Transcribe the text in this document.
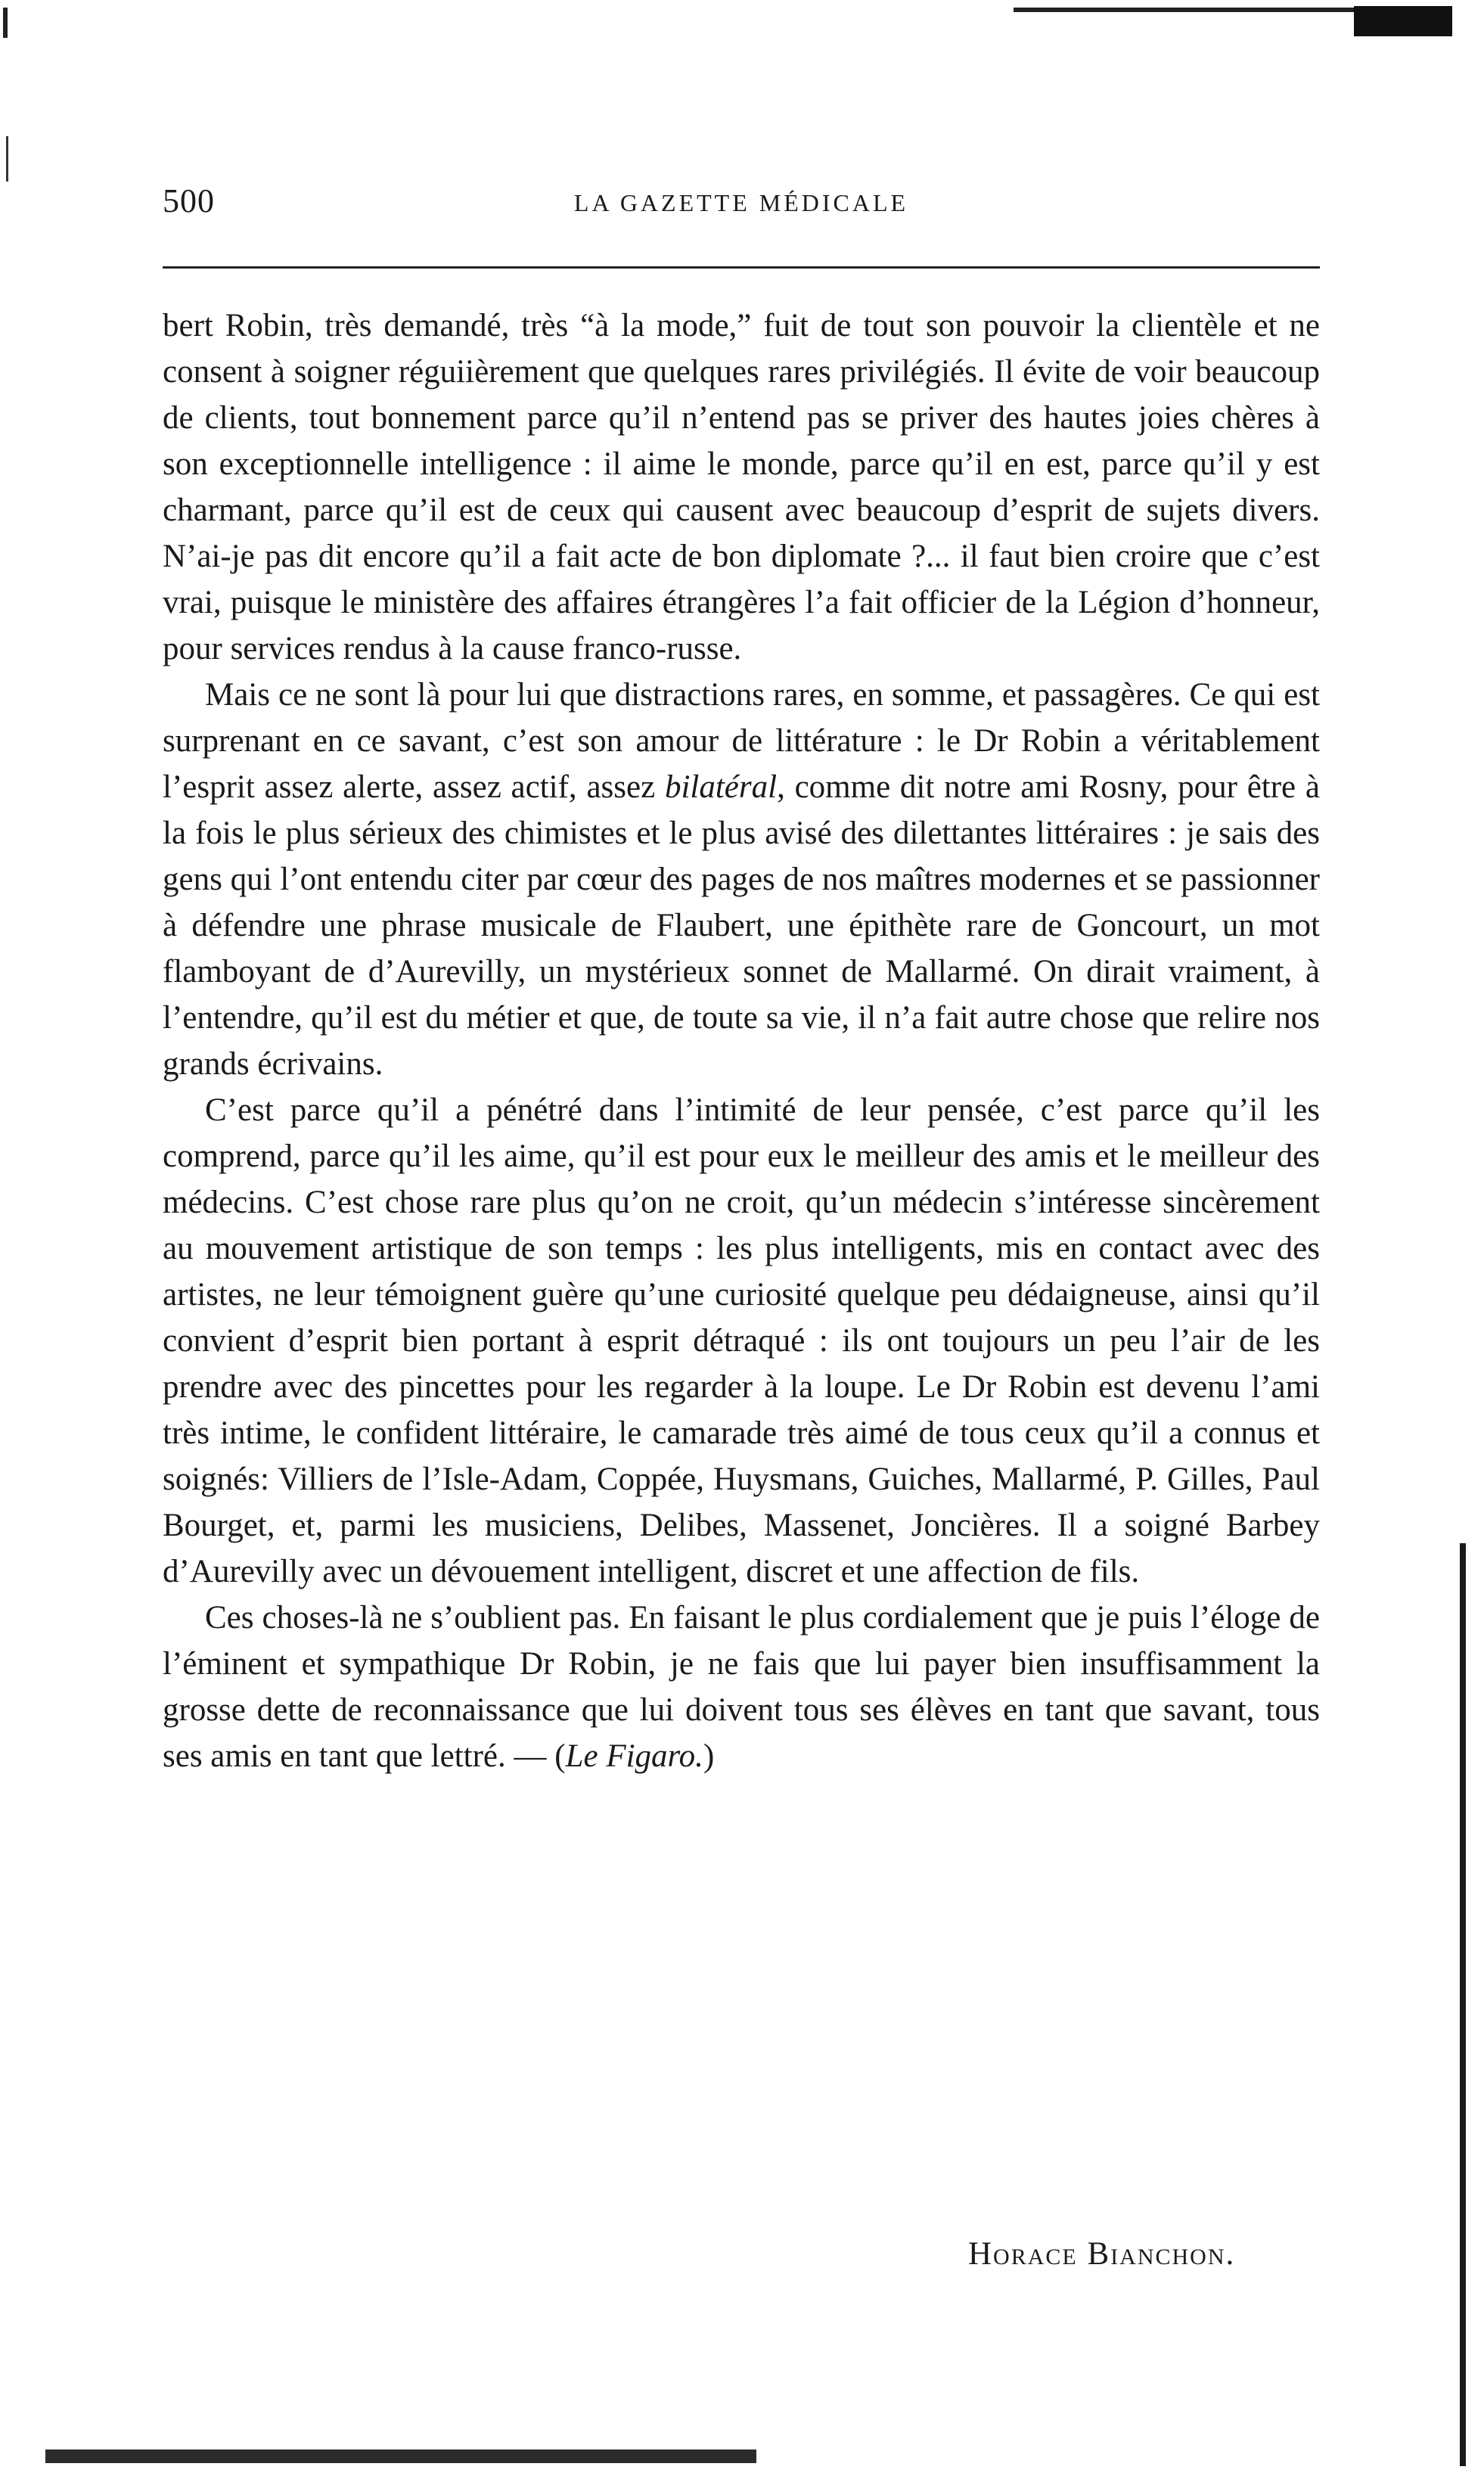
500	LA GAZETTE MÉDICALE

bert Robin, très demandé, très “à la mode,” fuit de tout son pouvoir la clientèle et ne consent à soigner réguiièrement que quelques rares privilégiés. Il évite de voir beaucoup de clients, tout bonnement parce qu’il n’entend pas se priver des hautes joies chères à son exceptionnelle intelligence : il aime le monde, parce qu’il en est, parce qu’il y est charmant, parce qu’il est de ceux qui causent avec beaucoup d’esprit de sujets divers. N’ai-je pas dit encore qu’il a fait acte de bon diplomate ?... il faut bien croire que c’est vrai, puisque le ministère des affaires étrangères l’a fait officier de la Légion d’honneur, pour services rendus à la cause franco-russe.

Mais ce ne sont là pour lui que distractions rares, en somme, et passagères. Ce qui est surprenant en ce savant, c’est son amour de littérature : le Dr Robin a véritablement l’esprit assez alerte, assez actif, assez bilatéral, comme dit notre ami Rosny, pour être à la fois le plus sérieux des chimistes et le plus avisé des dilettantes littéraires : je sais des gens qui l’ont entendu citer par cœur des pages de nos maîtres modernes et se passionner à défendre une phrase musicale de Flaubert, une épithète rare de Goncourt, un mot flamboyant de d’Aurevilly, un mystérieux sonnet de Mallarmé. On dirait vraiment, à l’entendre, qu’il est du métier et que, de toute sa vie, il n’a fait autre chose que relire nos grands écrivains.

C’est parce qu’il a pénétré dans l’intimité de leur pensée, c’est parce qu’il les comprend, parce qu’il les aime, qu’il est pour eux le meilleur des amis et le meilleur des médecins. C’est chose rare plus qu’on ne croit, qu’un médecin s’intéresse sincèrement au mouvement artistique de son temps : les plus intelligents, mis en contact avec des artistes, ne leur témoignent guère qu’une curiosité quelque peu dédaigneuse, ainsi qu’il convient d’esprit bien portant à esprit détraqué : ils ont toujours un peu l’air de les prendre avec des pincettes pour les regarder à la loupe. Le Dr Robin est devenu l’ami très intime, le confident littéraire, le camarade très aimé de tous ceux qu’il a connus et soignés: Villiers de l’Isle-Adam, Coppée, Huysmans, Guiches, Mallarmé, P. Gilles, Paul Bourget, et, parmi les musiciens, Delibes, Massenet, Joncières. Il a soigné Barbey d’Aurevilly avec un dévouement intelligent, discret et une affection de fils.

Ces choses-là ne s’oublient pas. En faisant le plus cordialement que je puis l’éloge de l’éminent et sympathique Dr Robin, je ne fais que lui payer bien insuffisamment la grosse dette de reconnaissance que lui doivent tous ses élèves en tant que savant, tous ses amis en tant que lettré. — (Le Figaro.)

Horace Bianchon.
